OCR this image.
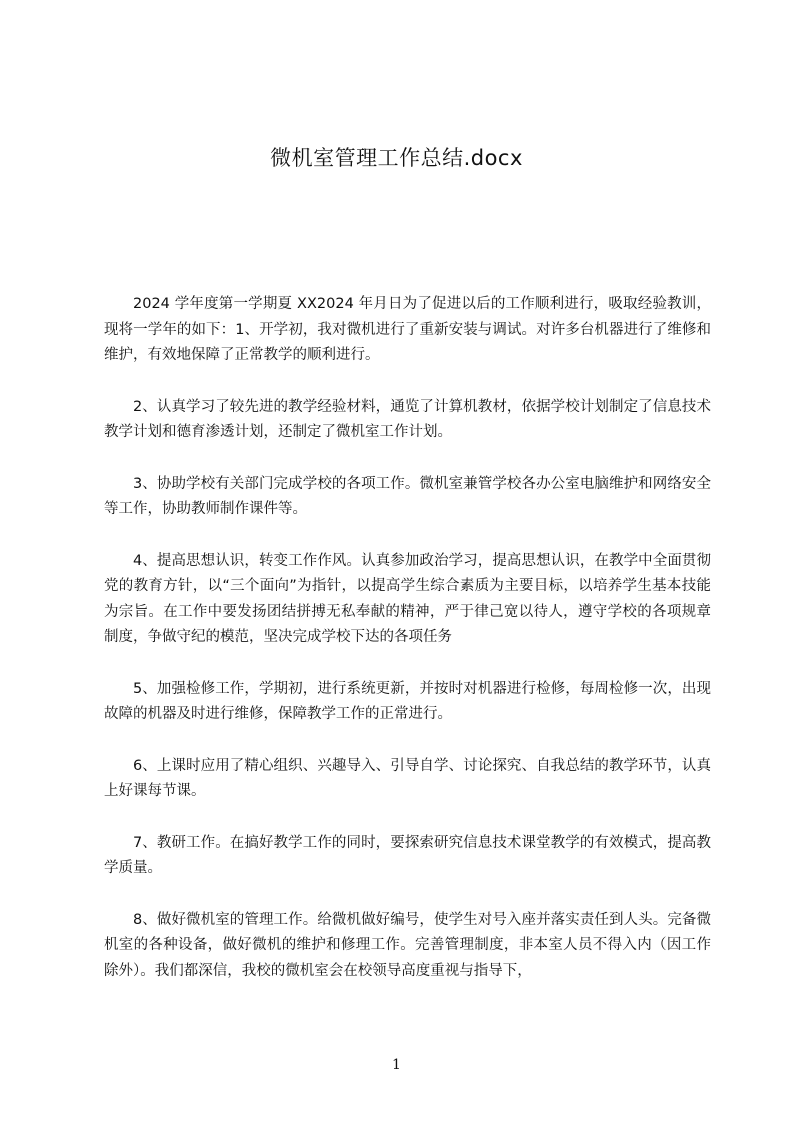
微机室管理工作总结.docx

2024 学年度第一学期夏 XX2024 年月日为了促进以后的工作顺利进行，吸取经验教训，现将一学年的如下：1、开学初，我对微机进行了重新安装与调试。对许多台机器进行了维修和维护，有效地保障了正常教学的顺利进行。

2、认真学习了较先进的教学经验材料，通览了计算机教材，依据学校计划制定了信息技术教学计划和德育渗透计划，还制定了微机室工作计划。

3、协助学校有关部门完成学校的各项工作。微机室兼管学校各办公室电脑维护和网络安全等工作，协助教师制作课件等。

4、提高思想认识，转变工作作风。认真参加政治学习，提高思想认识，在教学中全面贯彻党的教育方针，以“三个面向”为指针，以提高学生综合素质为主要目标，以培养学生基本技能为宗旨。在工作中要发扬团结拼搏无私奉献的精神，严于律己宽以待人，遵守学校的各项规章制度，争做守纪的模范，坚决完成学校下达的各项任务

5、加强检修工作，学期初，进行系统更新，并按时对机器进行检修，每周检修一次，出现故障的机器及时进行维修，保障教学工作的正常进行。

6、上课时应用了精心组织、兴趣导入、引导自学、讨论探究、自我总结的教学环节，认真上好课每节课。

7、教研工作。在搞好教学工作的同时，要探索研究信息技术课堂教学的有效模式，提高教学质量。

8、做好微机室的管理工作。给微机做好编号，使学生对号入座并落实责任到人头。完备微机室的各种设备，做好微机的维护和修理工作。完善管理制度，非本室人员不得入内（因工作除外）。我们都深信，我校的微机室会在校领导高度重视与指导下，

1
